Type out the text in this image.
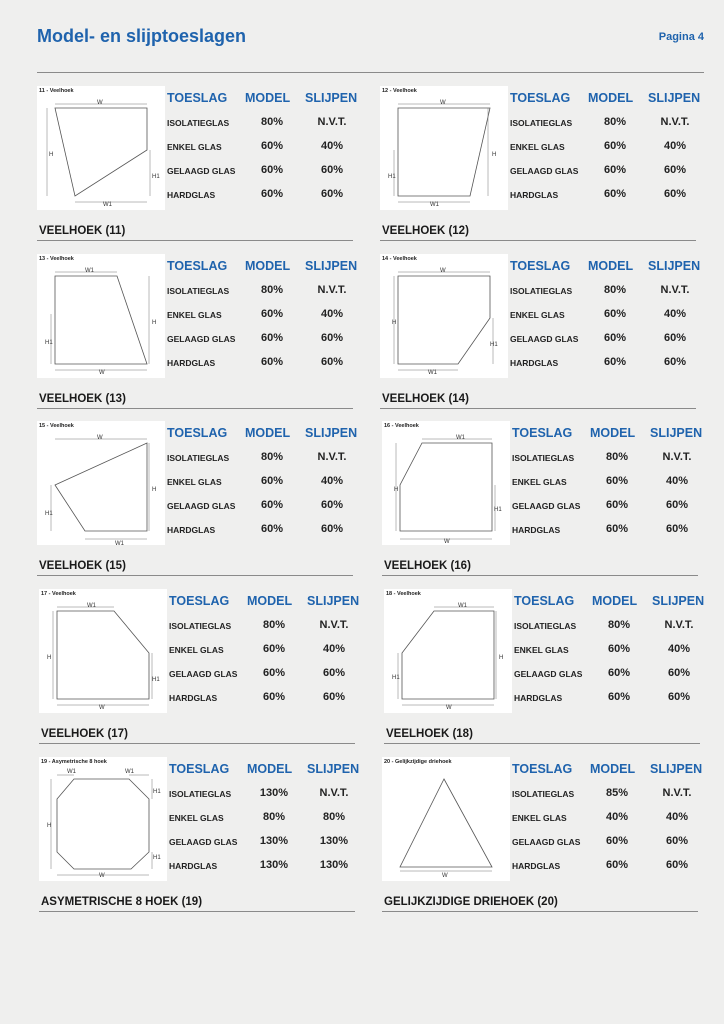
Model- en slijptoeslagen	Pagina 4
W
H
H1
W1
11 - Veelhoek	TOESLAG MODEL SLIJPEN
ISOLATIEGLAS	80%	N.V.T.
ENKEL GLAS	60%	40%
GELAAGD GLAS	60%	60%
HARDGLAS	60%	60%
VEELHOEK (11)
W
H
H1
W1
12 - Veelhoek	TOESLAG MODEL SLIJPEN
ISOLATIEGLAS	80%	N.V.T.
ENKEL GLAS	60%	40%
GELAAGD GLAS	60%	60%
HARDGLAS	60%	60%
VEELHOEK (12)
W1
H
H1
W
13 - Veelhoek	TOESLAG MODEL SLIJPEN
ISOLATIEGLAS	80%	N.V.T.
ENKEL GLAS	60%	40%
GELAAGD GLAS	60%	60%
HARDGLAS	60%	60%
VEELHOEK (13)
W
H
H1
W1
14 - Veelhoek	TOESLAG MODEL SLIJPEN
ISOLATIEGLAS	80%	N.V.T.
ENKEL GLAS	60%	40%
GELAAGD GLAS	60%	60%
HARDGLAS	60%	60%
VEELHOEK (14)
W
H
H1
W1
15 - Veelhoek	TOESLAG MODEL SLIJPEN
ISOLATIEGLAS	80%	N.V.T.
ENKEL GLAS	60%	40%
GELAAGD GLAS	60%	60%
HARDGLAS	60%	60%
VEELHOEK (15)
W1
H
H1
W
16 - Veelhoek	TOESLAG MODEL SLIJPEN
ISOLATIEGLAS	80%	N.V.T.
ENKEL GLAS	60%	40%
GELAAGD GLAS	60%	60%
HARDGLAS	60%	60%
VEELHOEK (16)
W1
H
H1
W
17 - Veelhoek	TOESLAG MODEL SLIJPEN
ISOLATIEGLAS	80%	N.V.T.
ENKEL GLAS	60%	40%
GELAAGD GLAS	60%	60%
HARDGLAS	60%	60%
VEELHOEK (17)
W1
H
H1
W
18 - Veelhoek	TOESLAG MODEL SLIJPEN
ISOLATIEGLAS	80%	N.V.T.
ENKEL GLAS	60%	40%
GELAAGD GLAS	60%	60%
HARDGLAS	60%	60%
VEELHOEK (18)
W1	W1
H1
H
H1
W
19 - Asymetrische 8 hoek	TOESLAG MODEL SLIJPEN
ISOLATIEGLAS	130%	N.V.T.
ENKEL GLAS	80%	80%
GELAAGD GLAS	130%	130%
HARDGLAS	130%	130%
ASYMETRISCHE 8 HOEK (19)
W
20 - Gelijkzijdige driehoek	TOESLAG MODEL SLIJPEN
ISOLATIEGLAS	85%	N.V.T.
ENKEL GLAS	40%	40%
GELAAGD GLAS	60%	60%
HARDGLAS	60%	60%
GELIJKZIJDIGE DRIEHOEK (20)
